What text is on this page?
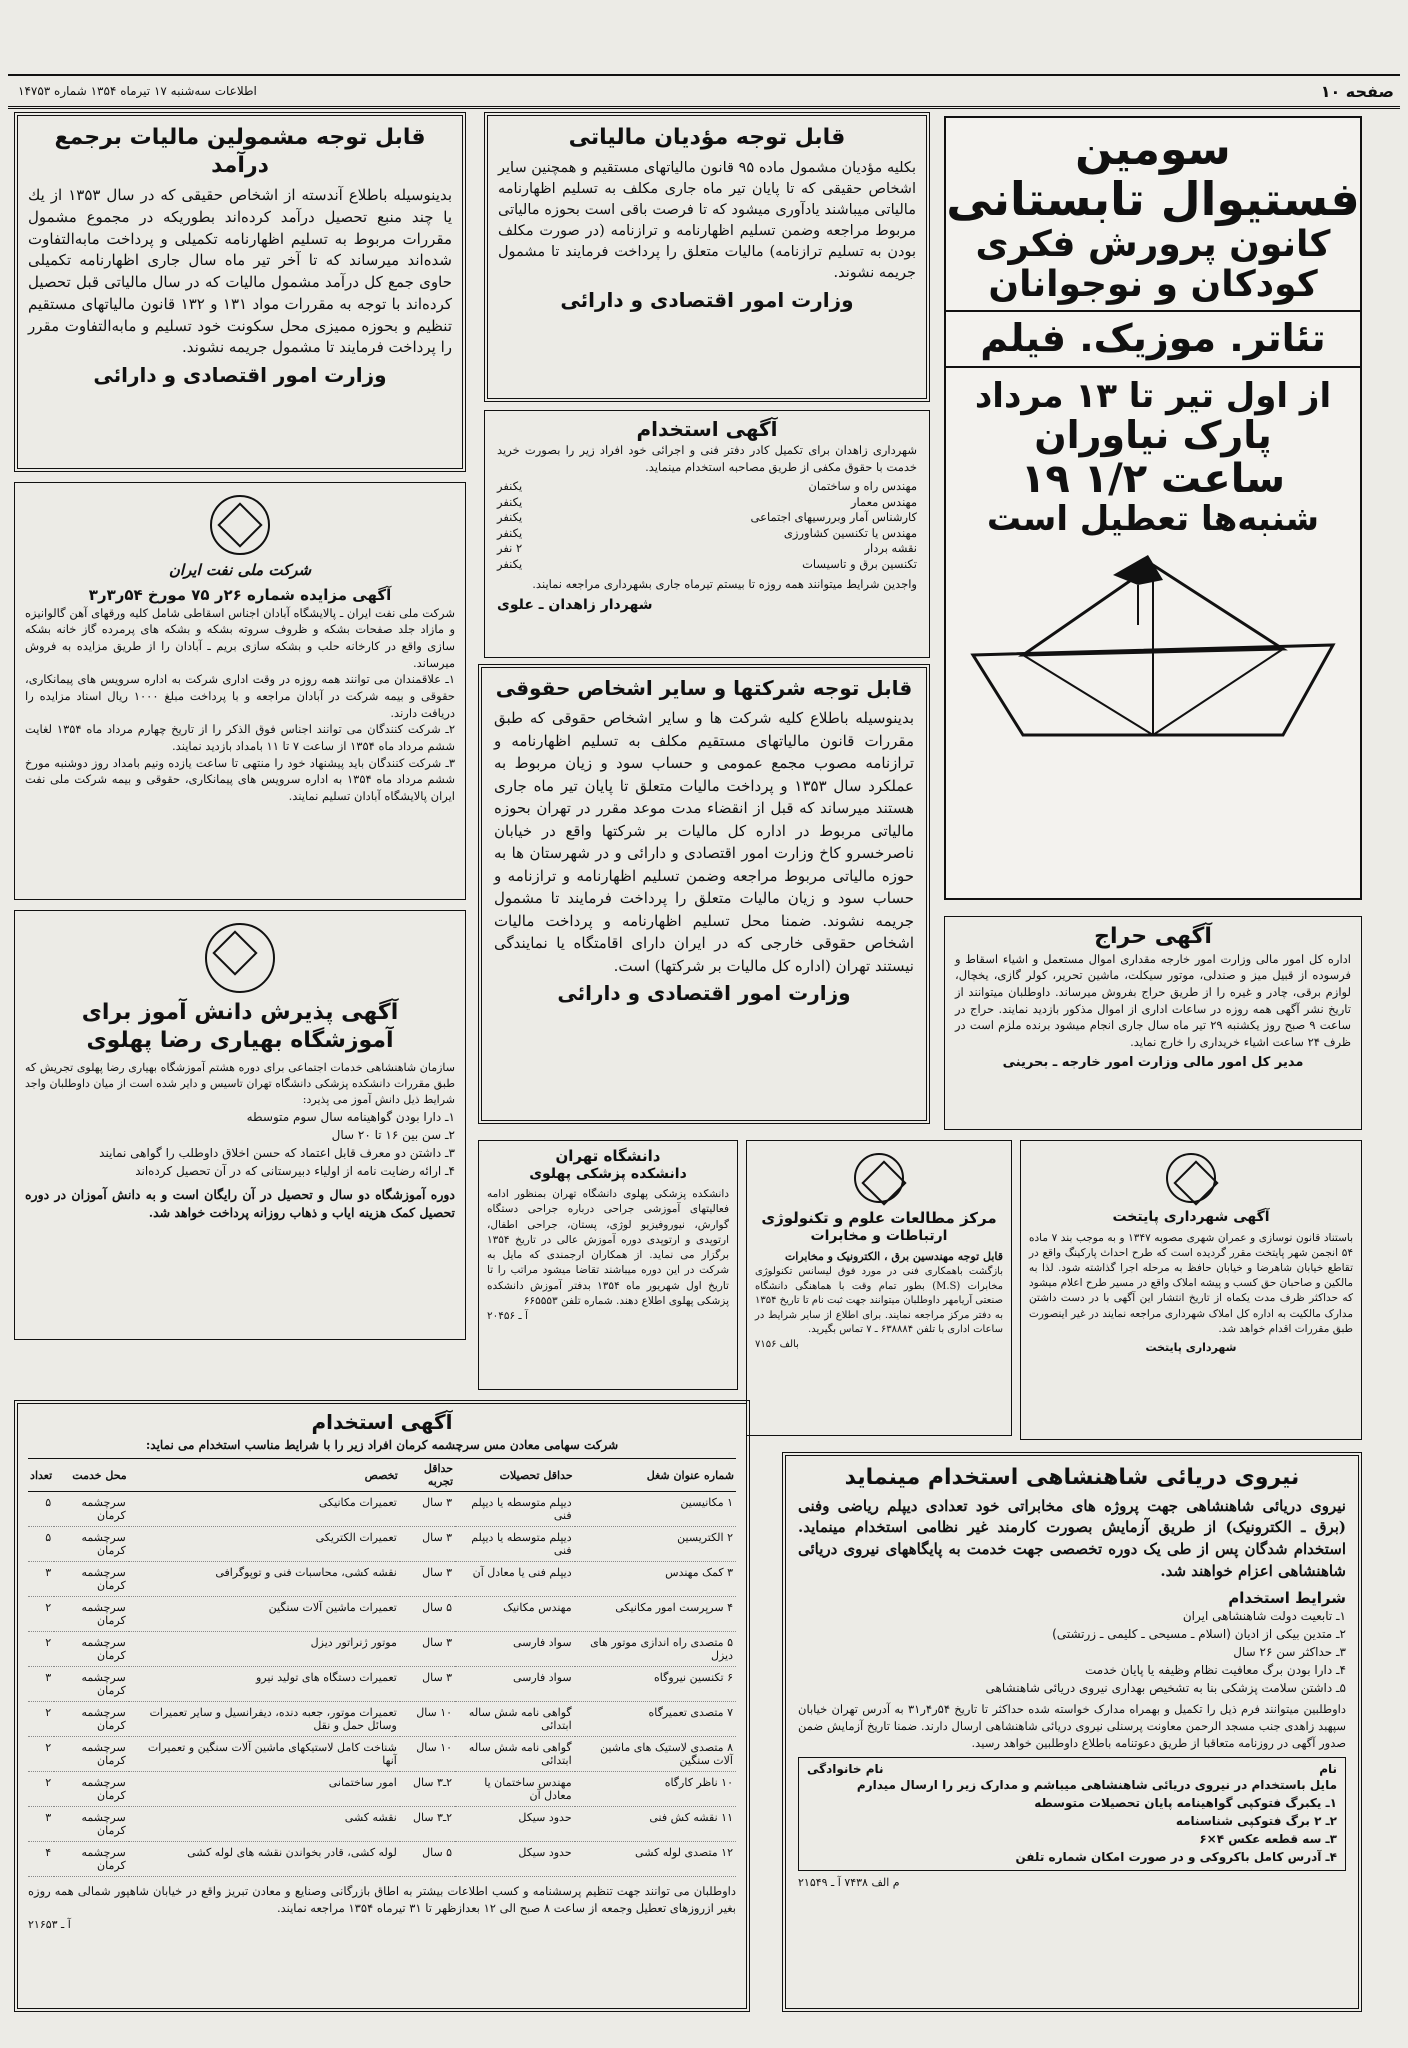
صفحه ۱۰
اطلاعات سه‌شنبه ۱۷ تیرماه ۱۳۵۴ شماره ۱۴۷۵۳

قابل توجه مشمولین مالیات برجمع درآمد

بدینوسیله باطلاع آندسته از اشخاص حقیقی که در سال ۱۳۵۳ از یك یا چند منبع تحصیل درآمد کرده‌اند بطوریکه در مجموع مشمول مقررات مربوط به تسلیم اظهارنامه تکمیلی و پرداخت مابه‌التفاوت شده‌اند میرساند که تا آخر تیر ماه سال جاری اظهارنامه تکمیلی حاوی جمع کل درآمد مشمول مالیات که در سال مالیاتی قبل تحصیل کرده‌اند با توجه به مقررات مواد ۱۳۱ و ۱۳۲ قانون مالیاتهای مستقیم تنظیم و بحوزه ممیزی محل سکونت خود تسلیم و مابه‌التفاوت مقرر را پرداخت فرمایند تا مشمول جریمه نشوند.

وزارت امور اقتصادی و دارائی

قابل توجه مؤدیان مالیاتی

بکلیه مؤدیان مشمول ماده ۹۵ قانون مالیاتهای مستقیم و همچنین سایر اشخاص حقیقی که تا پایان تیر ماه جاری مکلف به تسلیم اظهارنامه مالیاتی میباشند یادآوری میشود که تا فرصت باقی است بحوزه مالیاتی مربوط مراجعه وضمن تسلیم اظهارنامه و ترازنامه (در صورت مکلف بودن به تسلیم ترازنامه) مالیات متعلق را پرداخت فرمایند تا مشمول جریمه نشوند.

وزارت امور اقتصادی و دارائی

سومین

فستیوال تابستانی

کانون پرورش فکری

کودکان و نوجوانان

تئاتر. موزیک. فیلم

از اول تیر تا ۱۳ مرداد

پارک نیاوران

ساعت ۱/۲ ۱۹

شنبه‌ها تعطیل است

آگهی استخدام

شهرداری زاهدان برای تکمیل کادر دفتر فنی و اجرائی خود افراد زیر را بصورت خرید خدمت با حقوق مکفی از طریق مصاحبه استخدام مینماید.

مهندس راه و ساختمان
یکنفر
مهندس معمار
یکنفر
کارشناس آمار وبررسیهای اجتماعی
یکنفر
مهندس یا تکنسین کشاورزی
یکنفر
نقشه بردار
۲ نفر
تکنسین برق و تاسیسات
یکنفر

واجدین شرایط میتوانند همه روزه تا بیستم تیرماه جاری بشهرداری مراجعه نمایند.

شهردار زاهدان ـ علوی

شرکت ملی نفت ایران

آگهی مزایده شماره ۲۶ر ۷۵ مورخ ۵۴ر۳ر۳

شرکت ملی نفت ایران ـ پالایشگاه آبادان اجناس اسقاطی شامل کلیه ورقهای آهن گالوانیزه و مازاد جلد صفحات بشکه و ظروف سروته بشکه و بشکه های پرمرده گاز خانه بشکه سازی واقع در کارخانه حلب و بشکه سازی بریم ـ آبادان را از طریق مزایده به فروش میرساند.

۱ـ علاقمندان می توانند همه روزه در وقت اداری شرکت به اداره سرویس های پیمانکاری، حقوقی و بیمه شرکت در آبادان مراجعه و با پرداخت مبلغ ۱۰۰۰ ریال اسناد مزایده را دریافت دارند.

۲ـ شرکت کنندگان می توانند اجناس فوق الذکر را از تاریخ چهارم مرداد ماه ۱۳۵۴ لغایت ششم مرداد ماه ۱۳۵۴ از ساعت ۷ تا ۱۱ بامداد بازدید نمایند.

۳ـ شرکت کنندگان باید پیشنهاد خود را منتهی تا ساعت یازده ونیم بامداد روز دوشنبه مورخ ششم مرداد ماه ۱۳۵۴ به اداره سرویس های پیمانکاری، حقوقی و بیمه شرکت ملی نفت ایران پالایشگاه آبادان تسلیم نمایند.

قابل توجه شرکتها و سایر اشخاص حقوقی

بدینوسیله باطلاع کلیه شرکت ها و سایر اشخاص حقوقی که طبق مقررات قانون مالیاتهای مستقیم مکلف به تسلیم اظهارنامه و ترازنامه مصوب مجمع عمومی و حساب سود و زیان مربوط به عملکرد سال ۱۳۵۳ و پرداخت مالیات متعلق تا پایان تیر ماه جاری هستند میرساند که قبل از انقضاء مدت موعد مقرر در تهران بحوزه مالیاتی مربوط در اداره کل مالیات بر شرکتها واقع در خیابان ناصرخسرو کاخ وزارت امور اقتصادی و دارائی و در شهرستان ها به حوزه مالیاتی مربوط مراجعه وضمن تسلیم اظهارنامه و ترازنامه و حساب سود و زیان مالیات متعلق را پرداخت فرمایند تا مشمول جریمه نشوند. ضمنا محل تسلیم اظهارنامه و پرداخت مالیات اشخاص حقوقی خارجی که در ایران دارای اقامتگاه یا نمایندگی نیستند تهران (اداره کل مالیات بر شرکتها) است.

وزارت امور اقتصادی و دارائی

آگهی حراج

اداره کل امور مالی وزارت امور خارجه مقداری اموال مستعمل و اشیاء اسقاط و فرسوده از قبیل میز و صندلی، موتور سیکلت، ماشین تحریر، کولر گازی، یخچال، لوازم برقی، چادر و غیره را از طریق حراج بفروش میرساند. داوطلبان میتوانند از تاریخ نشر آگهی همه روزه در ساعات اداری از اموال مذکور بازدید نمایند. حراج در ساعت ۹ صبح روز یکشنبه ۲۹ تیر ماه سال جاری انجام میشود برنده ملزم است در ظرف ۲۴ ساعت اشیاء خریداری را خارج نماید.

مدیر کل امور مالی وزارت امور خارجه ـ بحرینی

آگهی پذیرش دانش آموز برای

آموزشگاه بهیاری رضا پهلوی

سازمان شاهنشاهی خدمات اجتماعی برای دوره هشتم آموزشگاه بهیاری رضا پهلوی تجریش که طبق مقررات دانشکده پزشکی دانشگاه تهران تاسیس و دایر شده است از میان داوطلبان واجد شرایط ذیل دانش آموز می پذیرد:

۱ـ دارا بودن گواهینامه سال سوم متوسطه

۲ـ سن بین ۱۶ تا ۲۰ سال

۳ـ داشتن دو معرف قابل اعتماد که حسن اخلاق داوطلب را گواهی نمایند

۴ـ ارائه رضایت نامه از اولیاء دبیرستانی که در آن تحصیل کرده‌اند

دوره آموزشگاه دو سال و تحصیل در آن رایگان است و به دانش آموزان در دوره تحصیل کمک هزینه ایاب و ذهاب روزانه پرداخت خواهد شد.

دانشگاه تهران

دانشکده پزشکی پهلوی

دانشکده پزشکی پهلوی دانشگاه تهران بمنظور ادامه فعالیتهای آموزشی جراحی درباره جراحی دستگاه گوارش، نیوروفیزیو لوژی، پستان، جراحی اطفال، ارتوپدی و ارتوپدی دوره آموزش عالی در تاریخ ۱۳۵۴ برگزار می نماید. از همکاران ارجمندی که مایل به شرکت در این دوره میباشند تقاضا میشود مراتب را تا تاریخ اول شهریور ماه ۱۳۵۴ بدفتر آموزش دانشکده پزشکی پهلوی اطلاع دهند. شماره تلفن ۶۶۵۵۵۳

آ ـ ۲۰۴۵۶

مرکز مطالعات علوم و تکنولوژی

ارتباطات و مخابرات

قابل توجه مهندسین برق ، الکترونیک و مخابرات

بازگشت باهمکاری فنی در مورد فوق لیسانس تکنولوژی مخابرات (M.S) بطور تمام وقت با هماهنگی دانشگاه صنعتی آریامهر داوطلبان میتوانند جهت ثبت نام تا تاریخ ۱۳۵۴ به دفتر مرکز مراجعه نمایند. برای اطلاع از سایر شرایط در ساعات اداری با تلفن ۶۳۸۸۸۴ ـ ۷ تماس بگیرید.

بالف ۷۱۵۶

آگهی شهرداری پایتخت

باستناد قانون نوسازی و عمران شهری مصوبه ۱۳۴۷ و به موجب بند ۷ ماده ۵۴ انجمن شهر پایتخت مقرر گردیده است که طرح احداث پارکینگ واقع در تقاطع خیابان شاهرضا و خیابان حافظ به مرحله اجرا گذاشته شود. لذا به مالکین و صاحبان حق کسب و پیشه املاک واقع در مسیر طرح اعلام میشود که حداکثر ظرف مدت یکماه از تاریخ انتشار این آگهی با در دست داشتن مدارک مالکیت به اداره کل املاک شهرداری مراجعه نمایند در غیر اینصورت طبق مقررات اقدام خواهد شد.

شهرداری پایتخت

آگهی استخدام

شرکت سهامی معادن مس سرچشمه کرمان افراد زیر را با شرایط مناسب استخدام می نماید:

شماره عنوان شغل	حداقل تحصیلات	حداقل تجربه	تخصص	محل خدمت	تعداد
۱ مکانیسین	دیپلم متوسطه یا دیپلم فنی	۳ سال	تعمیرات مکانیکی	سرچشمه کرمان	۵
۲ الکتریسین	دیپلم متوسطه یا دیپلم فنی	۳ سال	تعمیرات الکتریکی	سرچشمه کرمان	۵
۳ کمک مهندس	دیپلم فنی یا معادل آن	۳ سال	نقشه کشی، محاسبات فنی و توپوگرافی	سرچشمه کرمان	۳
۴ سرپرست امور مکانیکی	مهندس مکانیک	۵ سال	تعمیرات ماشین آلات سنگین	سرچشمه کرمان	۲
۵ متصدی راه اندازی موتور های دیزل	سواد فارسی	۳ سال	موتور ژنراتور دیزل	سرچشمه کرمان	۲
۶ تکنسین نیروگاه	سواد فارسی	۳ سال	تعمیرات دستگاه های تولید نیرو	سرچشمه کرمان	۳
۷ متصدی تعمیرگاه	گواهی نامه شش ساله ابتدائی	۱۰ سال	تعمیرات موتور، جعبه دنده، دیفرانسیل و سایر تعمیرات وسائل حمل و نقل	سرچشمه کرمان	۲
۸ متصدی لاستیک های ماشین آلات سنگین	گواهی نامه شش ساله ابتدائی	۱۰ سال	شناخت کامل لاستیکهای ماشین آلات سنگین و تعمیرات آنها	سرچشمه کرمان	۲
۱۰ ناظر کارگاه	مهندس ساختمان یا معادل آن	۲ـ۳ سال	امور ساختمانی	سرچشمه کرمان	۲
۱۱ نقشه کش فنی	حدود سیکل	۲ـ۳ سال	نقشه کشی	سرچشمه کرمان	۳
۱۲ متصدی لوله کشی	حدود سیکل	۵ سال	لوله کشی، قادر بخواندن نقشه های لوله کشی	سرچشمه کرمان	۴

داوطلبان می توانند جهت تنظیم پرسشنامه و کسب اطلاعات بیشتر به اطاق بازرگانی وصنایع و معادن تبریز واقع در خیابان شاهپور شمالی همه روزه بغیر ازروزهای تعطیل وجمعه از ساعت ۸ صبح الی ۱۲ بعدازظهر تا ۳۱ تیرماه ۱۳۵۴ مراجعه نمایند.

آ ـ ۲۱۶۵۳

نیروی دریائی شاهنشاهی استخدام مینماید

نیروی دریائی شاهنشاهی جهت پروژه های مخابراتی خود تعدادی دیپلم ریاضی وفنی (برق ـ الکترونیک) از طریق آزمایش بصورت کارمند غیر نظامی استخدام مینماید. استخدام شدگان پس از طی یک دوره تخصصی جهت خدمت به پایگاههای نیروی دریائی شاهنشاهی اعزام خواهند شد.

شرایط استخدام

۱ـ تابعیت دولت شاهنشاهی ایران

۲ـ متدین بیکی از ادیان (اسلام ـ مسیحی ـ کلیمی ـ زرتشتی)

۳ـ حداکثر سن ۲۶ سال

۴ـ دارا بودن برگ معافیت نظام وظیفه یا پایان خدمت

۵ـ داشتن سلامت پزشکی بنا به تشخیص بهداری نیروی دریائی شاهنشاهی

داوطلبین میتوانند فرم ذیل را تکمیل و بهمراه مدارک خواسته شده حداکثر تا تاریخ ۵۴ر۴ر۳۱ به آدرس تهران خیابان سپهبد زاهدی جنب مسجد الرحمن معاونت پرسنلی نیروی دریائی شاهنشاهی ارسال دارند. ضمنا تاریخ آزمایش ضمن صدور آگهی در روزنامه متعاقبا از طریق دعوتنامه باطلاع داوطلبین خواهد رسید.

نام
نام خانوادگی

مایل باستخدام در نیروی دریائی شاهنشاهی میباشم و مدارک زیر را ارسال میدارم

۱ـ یکبرگ فتوکپی گواهینامه پایان تحصیلات متوسطه

۲ـ ۲ برگ فتوکپی شناسنامه

۳ـ سه قطعه عکس ۴×۶

۴ـ آدرس کامل باکروکی و در صورت امکان شماره تلفن

م الف ۷۴۳۸ آ ـ ۲۱۵۴۹
